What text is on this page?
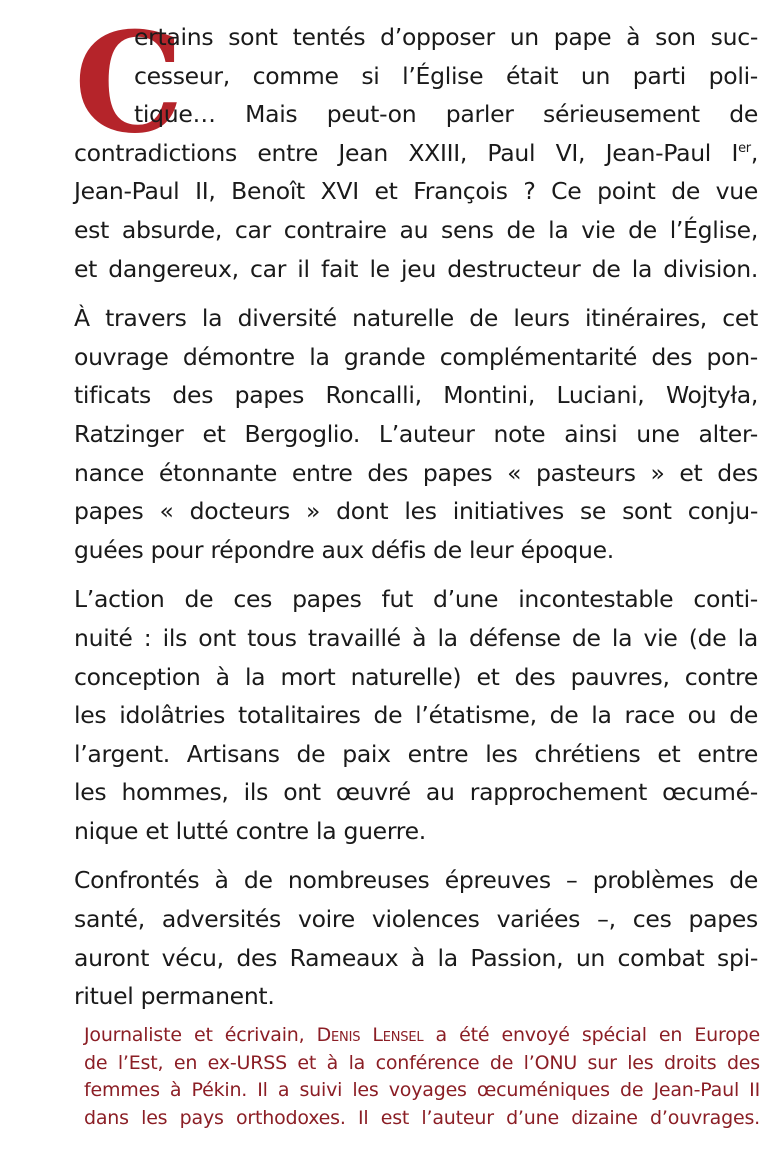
C

ertains sont tentés d’opposer un pape à son suc-
cesseur, comme si l’Église était un parti poli-
tique… Mais peut-on parler sérieusement de
contradictions entre Jean XXIII, Paul VI, Jean-Paul Ier,
Jean-Paul II, Benoît XVI et François ? Ce point de vue
est absurde, car contraire au sens de la vie de l’Église,
et dangereux, car il fait le jeu destructeur de la division.

À travers la diversité naturelle de leurs itinéraires, cet
ouvrage démontre la grande complémentarité des pon-
tificats des papes Roncalli, Montini, Luciani, Wojtyła,
Ratzinger et Bergoglio. L’auteur note ainsi une alter-
nance étonnante entre des papes « pasteurs » et des
papes « docteurs » dont les initiatives se sont conju-
guées pour répondre aux défis de leur époque.

L’action de ces papes fut d’une incontestable conti-
nuité : ils ont tous travaillé à la défense de la vie (de la
conception à la mort naturelle) et des pauvres, contre
les idolâtries totalitaires de l’étatisme, de la race ou de
l’argent. Artisans de paix entre les chrétiens et entre
les hommes, ils ont œuvré au rapprochement œcumé-
nique et lutté contre la guerre.

Confrontés à de nombreuses épreuves – problèmes de
santé, adversités voire violences variées –, ces papes
auront vécu, des Rameaux à la Passion, un combat spi-
rituel permanent.

Journaliste et écrivain, Denis Lensel a été envoyé spécial en Europe
de l’Est, en ex-URSS et à la conférence de l’ONU sur les droits des
femmes à Pékin. Il a suivi les voyages œcuméniques de Jean-Paul II
dans les pays orthodoxes. Il est l’auteur d’une dizaine d’ouvrages.
